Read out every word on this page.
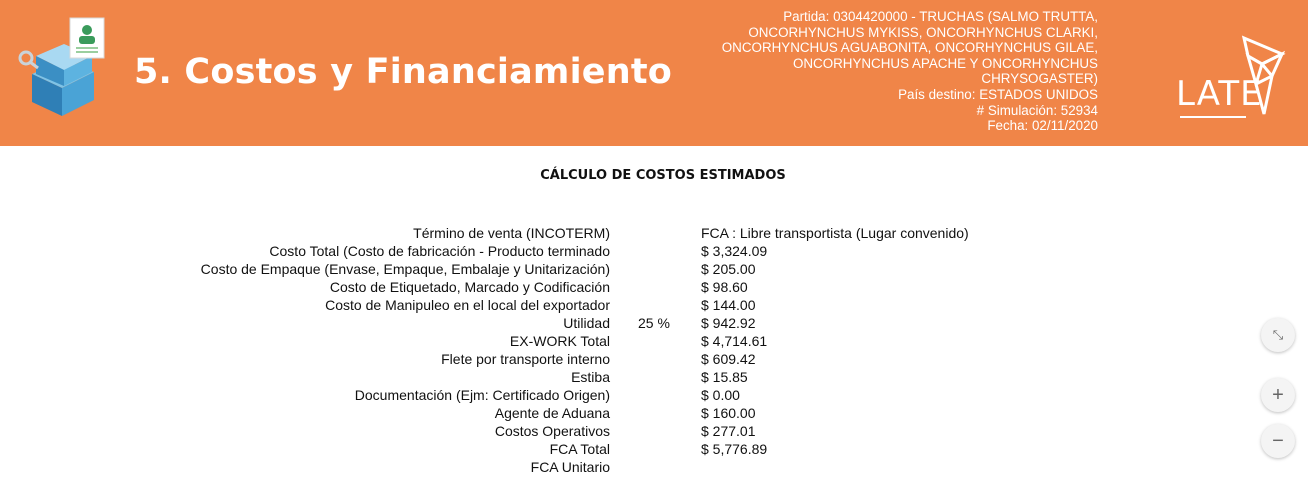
5. Costos y Financiamiento
Partida: 0304420000 - TRUCHAS (SALMO TRUTTA, ONCORHYNCHUS MYKISS, ONCORHYNCHUS CLARKI, ONCORHYNCHUS AGUABONITA, ONCORHYNCHUS GILAE, ONCORHYNCHUS APACHE Y ONCORHYNCHUS CHRYSOGASTER)
País destino: ESTADOS UNIDOS
# Simulación: 52934
Fecha: 02/11/2020
LATE
CÁLCULO DE COSTOS ESTIMADOS
Término de venta (INCOTERM)	FCA : Libre transportista (Lugar convenido)
Costo Total (Costo de fabricación - Producto terminado	$ 3,324.09
Costo de Empaque (Envase, Empaque, Embalaje y Unitarización)	$ 205.00
Costo de Etiquetado, Marcado y Codificación	$ 98.60
Costo de Manipuleo en el local del exportador	$ 144.00
Utilidad 25 % $ 942.92
EX-WORK Total	$ 4,714.61
Flete por transporte interno	$ 609.42
Estiba	$ 15.85
Documentación (Ejm: Certificado Origen)	$ 0.00
Agente de Aduana	$ 160.00
Costos Operativos	$ 277.01
FCA Total	$ 5,776.89
FCA Unitario
⤡
+
−
